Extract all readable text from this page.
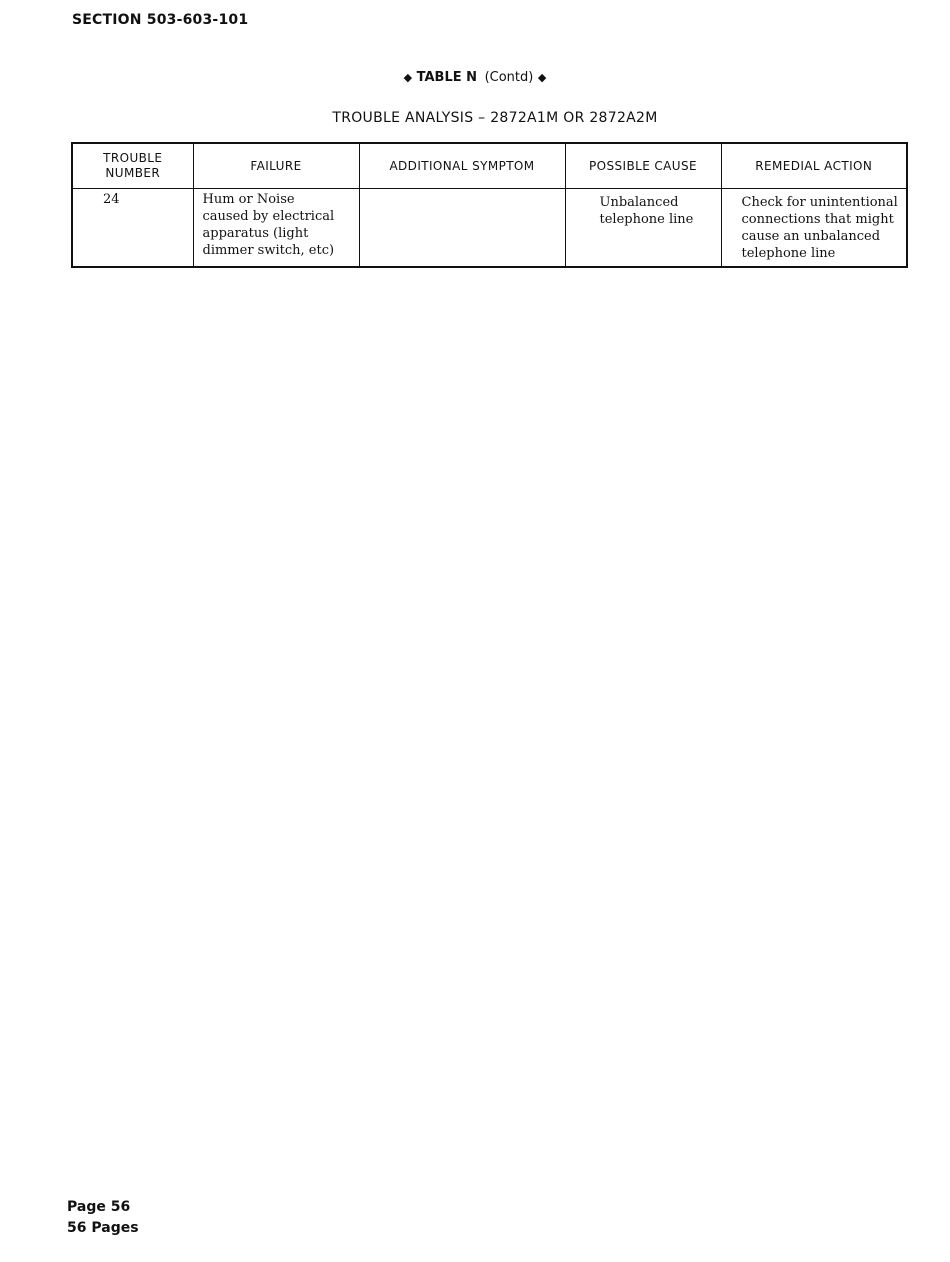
SECTION 503-603-101
◆ TABLE N (Contd) ◆
TROUBLE ANALYSIS – 2872A1M OR 2872A2M
TROUBLE
NUMBER	FAILURE	ADDITIONAL SYMPTOM	POSSIBLE CAUSE	REMEDIAL ACTION
24	Hum or Noise
caused by electrical
apparatus (light
dimmer switch, etc)		Unbalanced
telephone line	Check for unintentional
connections that might
cause an unbalanced
telephone line
Page 56
56 Pages
